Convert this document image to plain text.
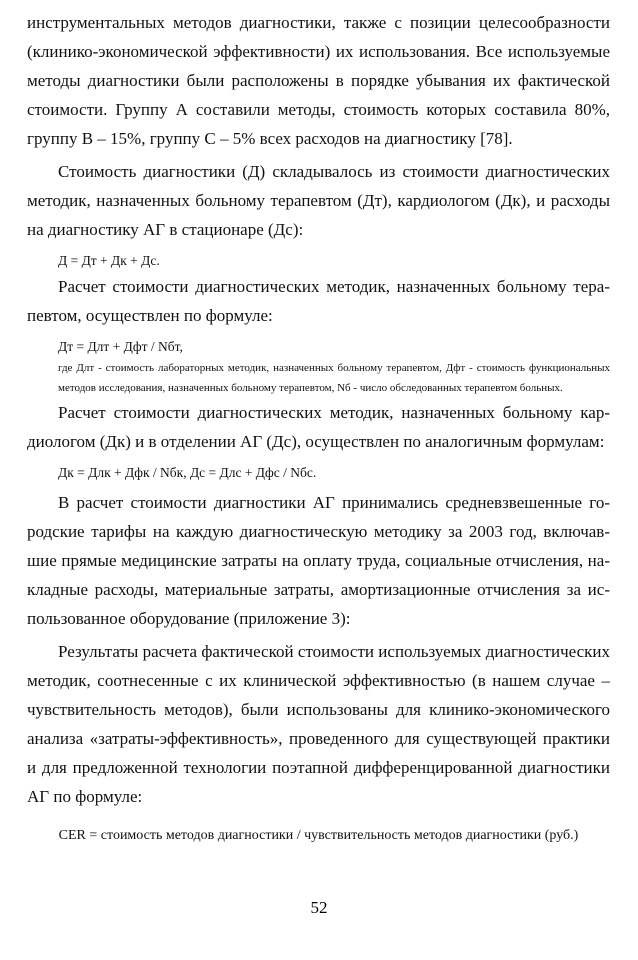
инструментальных методов диагностики, также с позиции целесообразности (клинико-экономической эффективности) их использования. Все используемые методы диагностики были расположены в порядке убывания их фактической стоимости. Группу А составили методы, стоимость которых составила 80%, группу В – 15%, группу С – 5% всех расходов на диагностику [78].

Стоимость диагностики (Д) складывалось из стоимости диагностических методик, назначенных больному терапевтом (Дт), кардиологом (Дк), и расходы на диагностику АГ в стационаре (Дс):

Д = Дт + Дк + Дс.

Расчет стоимости диагностических методик, назначенных больному терапевтом, осуществлен по формуле:

Дт = Длт + Дфт / Nбт,

где Длт - стоимость лабораторных методик, назначенных больному терапевтом, Дфт - стоимость функциональных методов исследования, назначенных больному терапевтом, Nб - число обследованных терапевтом больных.

Расчет стоимости диагностических методик, назначенных больному кардиологом (Дк) и в отделении АГ (Дс), осуществлен по аналогичным формулам:

Дк = Длк + Дфк / Nбк, Дс = Длс + Дфс / Nбс.

В расчет стоимости диагностики АГ принимались средневзвешенные городские тарифы на каждую диагностическую методику за 2003 год, включавшие прямые медицинские затраты на оплату труда, социальные отчисления, накладные расходы, материальные затраты, амортизационные отчисления за использованное оборудование (приложение 3):

Результаты расчета фактической стоимости используемых диагностических методик, соотнесенные с их клинической эффективностью (в нашем случае – чувствительность методов), были использованы для клинико-экономического анализа «затраты-эффективность», проведенного для существующей практики и для предложенной технологии поэтапной дифференцированной диагностики АГ по формуле:

CER = стоимость методов диагностики / чувствительность методов диагностики (руб.)

52
